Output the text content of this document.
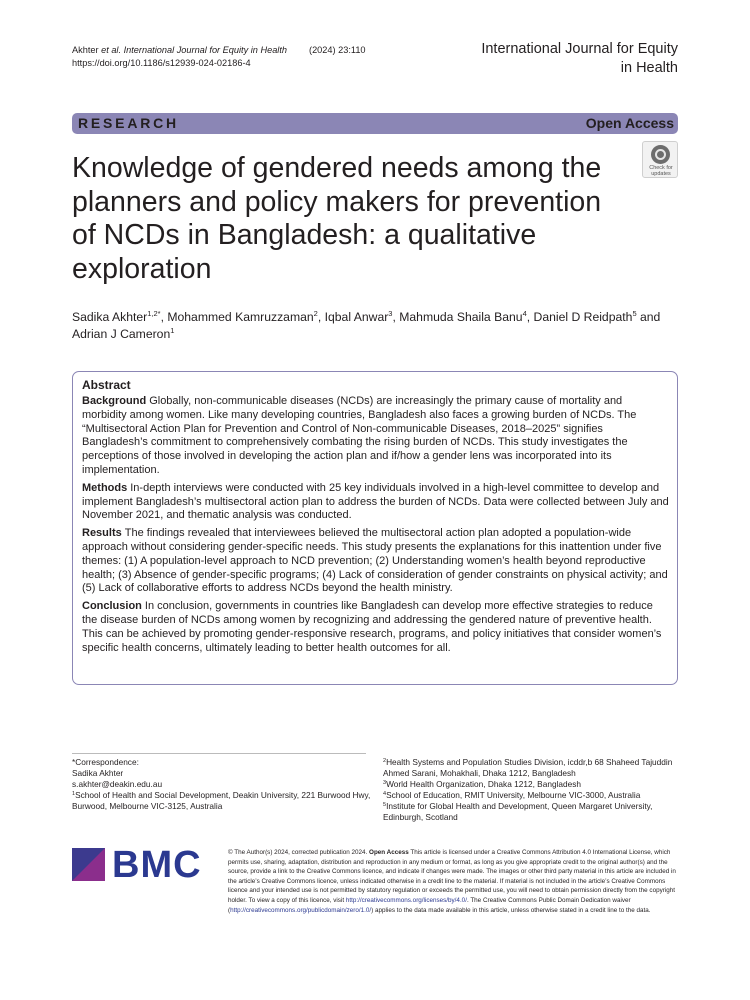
Akhter et al. International Journal for Equity in Health (2024) 23:110
https://doi.org/10.1186/s12939-024-02186-4
International Journal for Equity
in Health
RESEARCH	Open Access
Knowledge of gendered needs among the planners and policy makers for prevention of NCDs in Bangladesh: a qualitative exploration
Check for
updates
Sadika Akhter$^{1,2*}$, Mohammed Kamruzzaman$^2$, Iqbal Anwar$^3$, Mahmuda Shaila Banu$^4$, Daniel D Reidpath$^5$ and Adrian J Cameron$^1$
Abstract

Background Globally, non-communicable diseases (NCDs) are increasingly the primary cause of mortality and morbidity among women. Like many developing countries, Bangladesh also faces a growing burden of NCDs. The “Multisectoral Action Plan for Prevention and Control of Non-communicable Diseases, 2018–2025” signifies Bangladesh’s commitment to comprehensively combating the rising burden of NCDs. This study investigates the perceptions of those involved in developing the action plan and if/how a gender lens was incorporated into its implementation.

Methods In-depth interviews were conducted with 25 key individuals involved in a high-level committee to develop and implement Bangladesh’s multisectoral action plan to address the burden of NCDs. Data were collected between July and November 2021, and thematic analysis was conducted.

Results The findings revealed that interviewees believed the multisectoral action plan adopted a population-wide approach without considering gender-specific needs. This study presents the explanations for this inattention under five themes: (1) A population-level approach to NCD prevention; (2) Understanding women’s health beyond reproductive health; (3) Absence of gender-specific programs; (4) Lack of consideration of gender constraints on physical activity; and (5) Lack of collaborative efforts to address NCDs beyond the health ministry.

Conclusion In conclusion, governments in countries like Bangladesh can develop more effective strategies to reduce the disease burden of NCDs among women by recognizing and addressing the gendered nature of preventive health. This can be achieved by promoting gender-responsive research, programs, and policy initiatives that consider women’s specific health concerns, ultimately leading to better health outcomes for all.

*Correspondence:
Sadika Akhter
s.akhter@deakin.edu.au
$^1$School of Health and Social Development, Deakin University, 221 Burwood Hwy, Burwood, Melbourne VIC-3125, Australia
$^2$Health Systems and Population Studies Division, icddr,b 68 Shaheed Tajuddin Ahmed Sarani, Mohakhali, Dhaka 1212, Bangladesh
$^3$World Health Organization, Dhaka 1212, Bangladesh
$^4$School of Education, RMIT University, Melbourne VIC-3000, Australia
$^5$Institute for Global Health and Development, Queen Margaret University, Edinburgh, Scotland
BMC	© The Author(s) 2024, corrected publication 2024. Open Access This article is licensed under a Creative Commons Attribution 4.0 International License, which permits use, sharing, adaptation, distribution and reproduction in any medium or format, as long as you give appropriate credit to the original author(s) and the source, provide a link to the Creative Commons licence, and indicate if changes were made. The images or other third party material in this article are included in the article’s Creative Commons licence, unless indicated otherwise in a credit line to the material. If material is not included in the article’s Creative Commons licence and your intended use is not permitted by statutory regulation or exceeds the permitted use, you will need to obtain permission directly from the copyright holder. To view a copy of this licence, visit http://creativecommons.org/licenses/by/4.0/. The Creative Commons Public Domain Dedication waiver (http://creativecommons.org/publicdomain/zero/1.0/) applies to the data made available in this article, unless otherwise stated in a credit line to the data.
